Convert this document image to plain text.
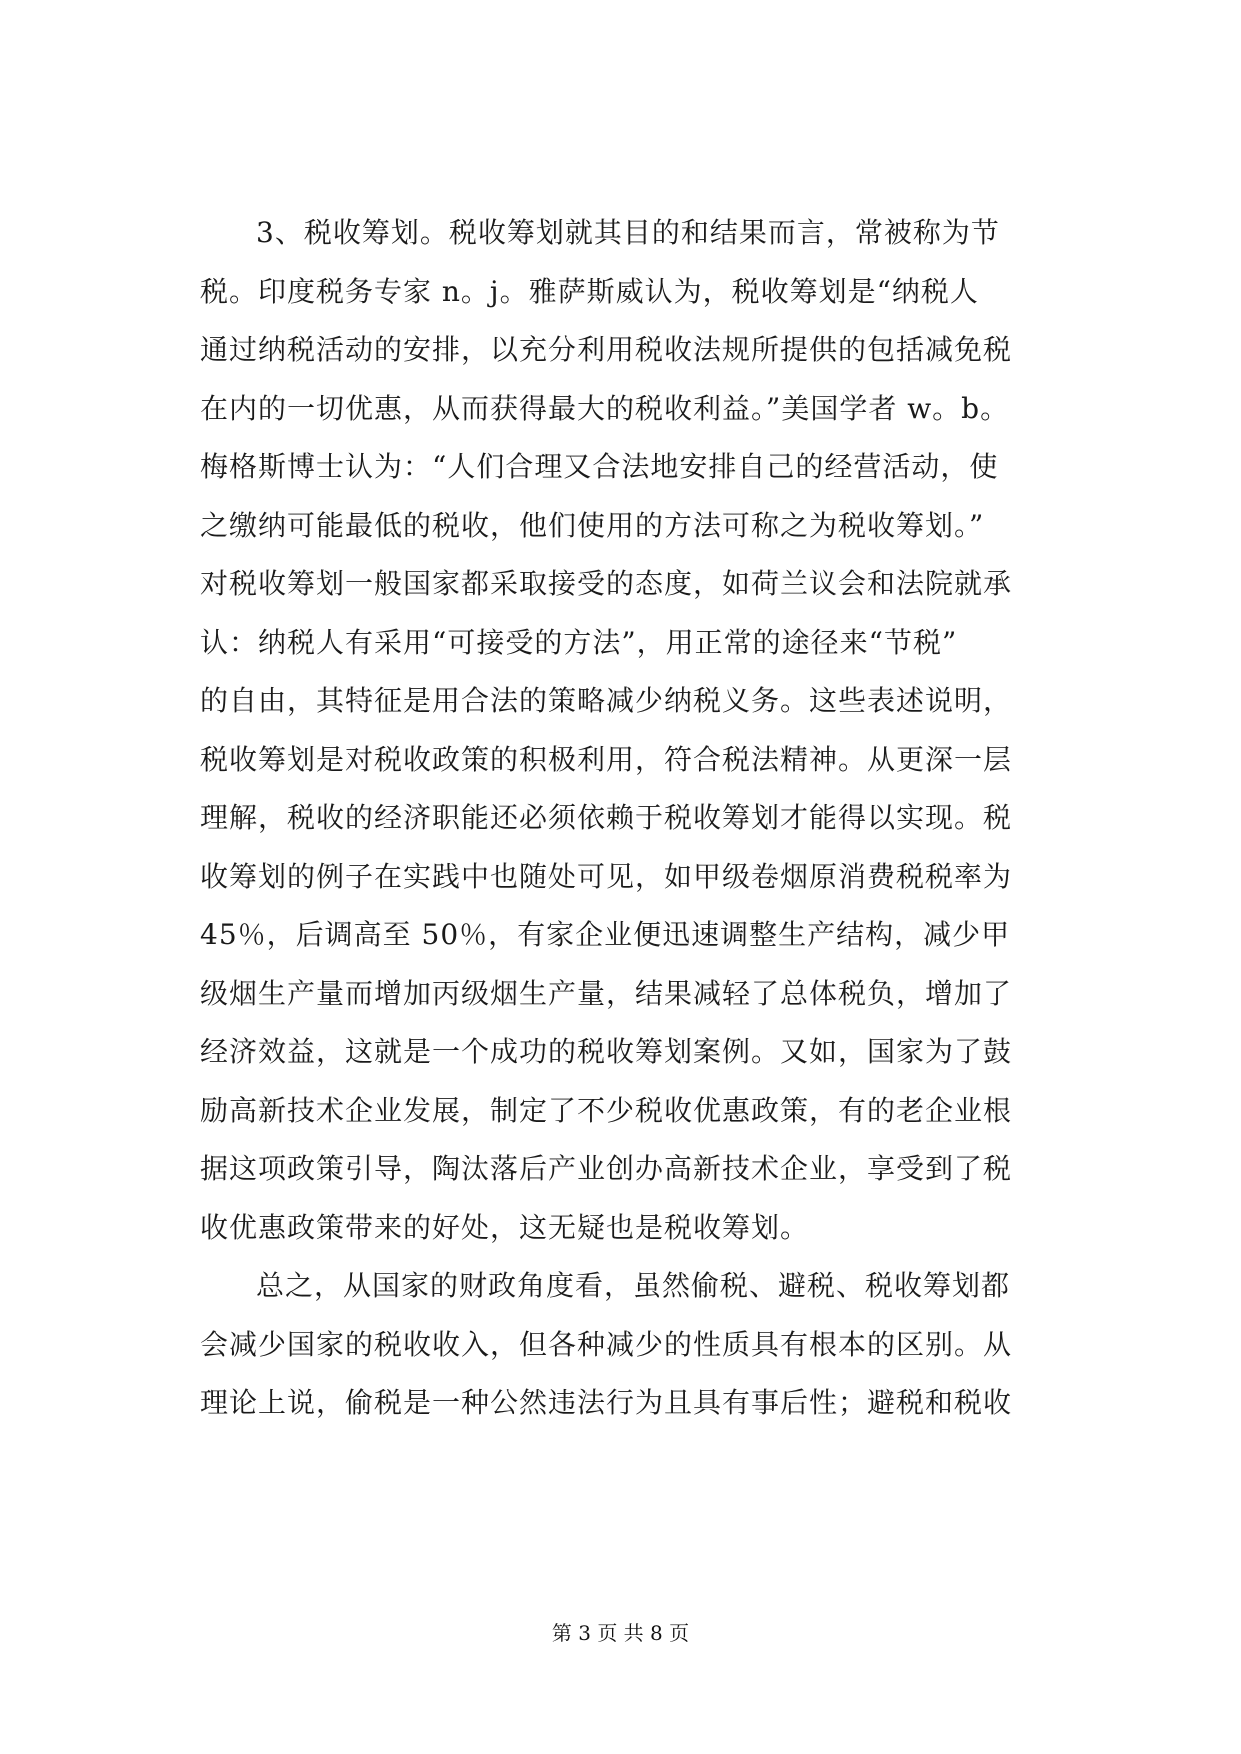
3、税收筹划。税收筹划就其目的和结果而言，常被称为节
税。印度税务专家 n。j。雅萨斯威认为，税收筹划是“纳税人
通过纳税活动的安排，以充分利用税收法规所提供的包括减免税
在内的一切优惠，从而获得最大的税收利益。”美国学者 w。b。
梅格斯博士认为：“人们合理又合法地安排自己的经营活动，使
之缴纳可能最低的税收，他们使用的方法可称之为税收筹划。”
对税收筹划一般国家都采取接受的态度，如荷兰议会和法院就承
认：纳税人有采用“可接受的方法”，用正常的途径来“节税”
的自由，其特征是用合法的策略减少纳税义务。这些表述说明，
税收筹划是对税收政策的积极利用，符合税法精神。从更深一层
理解，税收的经济职能还必须依赖于税收筹划才能得以实现。税
收筹划的例子在实践中也随处可见，如甲级卷烟原消费税税率为
45％，后调高至 50％，有家企业便迅速调整生产结构，减少甲
级烟生产量而增加丙级烟生产量，结果减轻了总体税负，增加了
经济效益，这就是一个成功的税收筹划案例。又如，国家为了鼓
励高新技术企业发展，制定了不少税收优惠政策，有的老企业根
据这项政策引导，陶汰落后产业创办高新技术企业，享受到了税
收优惠政策带来的好处，这无疑也是税收筹划。
总之，从国家的财政角度看，虽然偷税、避税、税收筹划都
会减少国家的税收收入，但各种减少的性质具有根本的区别。从
理论上说，偷税是一种公然违法行为且具有事后性；避税和税收
第 3 页 共 8 页
